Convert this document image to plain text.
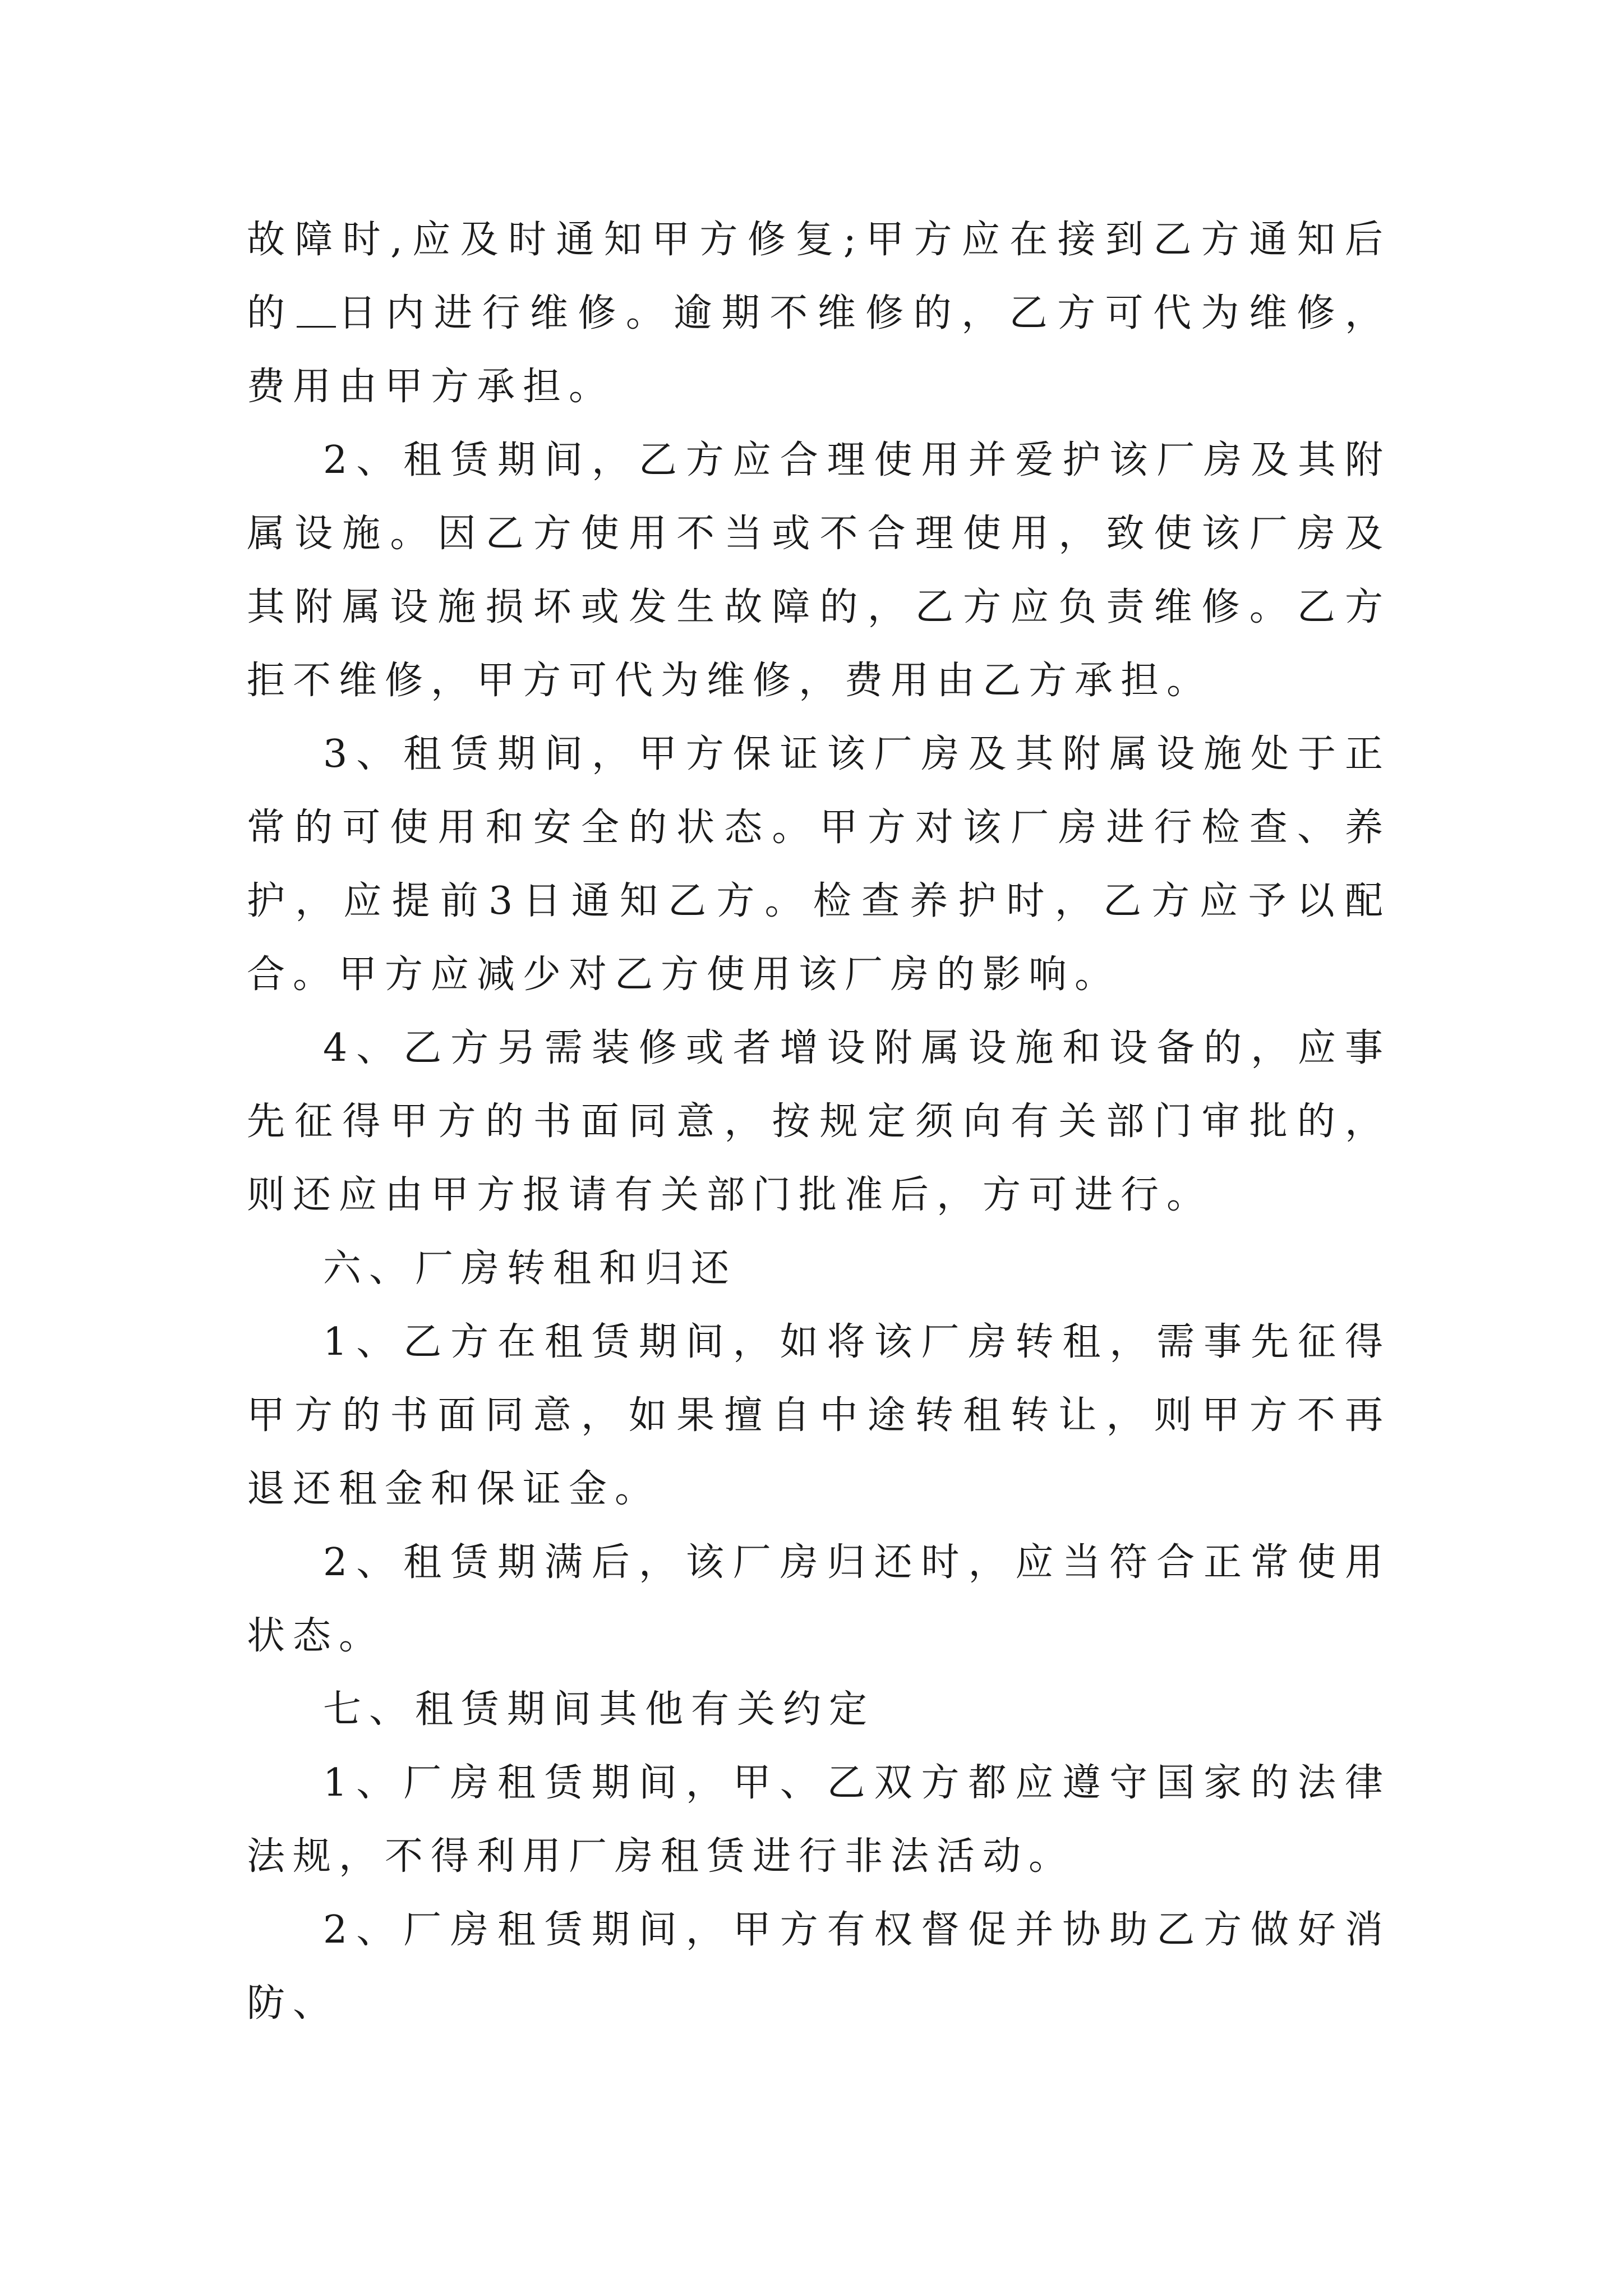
故障时,应及时通知甲方修复;甲方应在接到乙方通知后的 日内进行维修。逾期不维修的，乙方可代为维修，费用由甲方承担。

2、租赁期间，乙方应合理使用并爱护该厂房及其附属设施。因乙方使用不当或不合理使用，致使该厂房及其附属设施损坏或发生故障的，乙方应负责维修。乙方拒不维修，甲方可代为维修，费用由乙方承担。

3、租赁期间，甲方保证该厂房及其附属设施处于正常的可使用和安全的状态。甲方对该厂房进行检查、养护，应提前3日通知乙方。检查养护时，乙方应予以配合。甲方应减少对乙方使用该厂房的影响。

4、乙方另需装修或者增设附属设施和设备的，应事先征得甲方的书面同意，按规定须向有关部门审批的，则还应由甲方报请有关部门批准后，方可进行。

六、厂房转租和归还

1、乙方在租赁期间，如将该厂房转租，需事先征得甲方的书面同意，如果擅自中途转租转让，则甲方不再退还租金和保证金。

2、租赁期满后，该厂房归还时，应当符合正常使用状态。

七、租赁期间其他有关约定

1、厂房租赁期间，甲、乙双方都应遵守国家的法律法规，不得利用厂房租赁进行非法活动。

2、厂房租赁期间，甲方有权督促并协助乙方做好消防、
